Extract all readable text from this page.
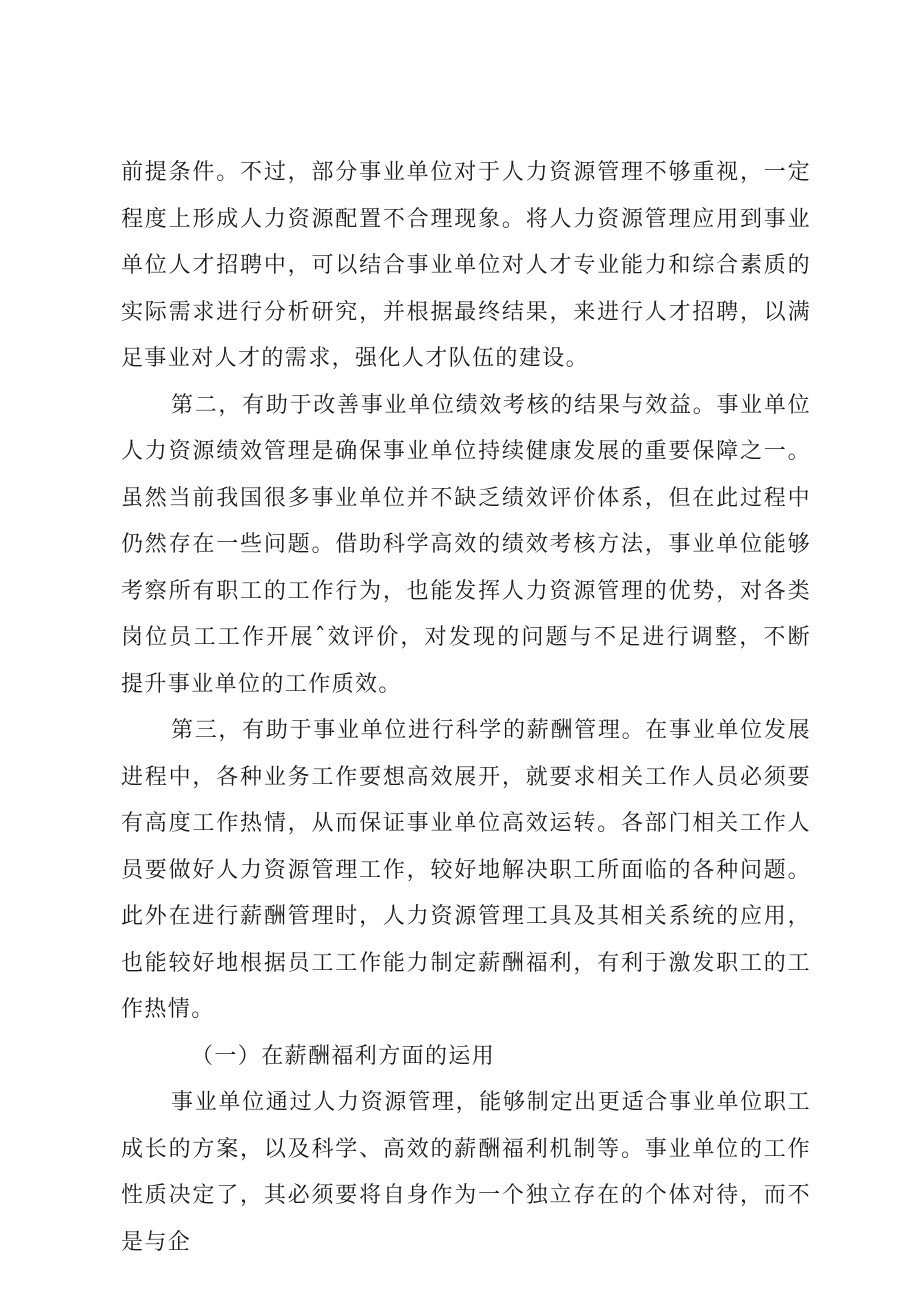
前提条件。不过，部分事业单位对于人力资源管理不够重视，一定程度上形成人力资源配置不合理现象。将人力资源管理应用到事业单位人才招聘中，可以结合事业单位对人才专业能力和综合素质的实际需求进行分析研究，并根据最终结果，来进行人才招聘，以满足事业对人才的需求，强化人才队伍的建设。

第二，有助于改善事业单位绩效考核的结果与效益。事业单位人力资源绩效管理是确保事业单位持续健康发展的重要保障之一。虽然当前我国很多事业单位并不缺乏绩效评价体系，但在此过程中仍然存在一些问题。借助科学高效的绩效考核方法，事业单位能够考察所有职工的工作行为，也能发挥人力资源管理的优势，对各类岗位员工工作开展ˆ效评价，对发现的问题与不足进行调整，不断提升事业单位的工作质效。

第三，有助于事业单位进行科学的薪酬管理。在事业单位发展进程中，各种业务工作要想高效展开，就要求相关工作人员必须要有高度工作热情，从而保证事业单位高效运转。各部门相关工作人员要做好人力资源管理工作，较好地解决职工所面临的各种问题。此外在进行薪酬管理时，人力资源管理工具及其相关系统的应用，也能较好地根据员工工作能力制定薪酬福利，有利于激发职工的工作热情。

（一）在薪酬福利方面的运用

事业单位通过人力资源管理，能够制定出更适合事业单位职工成长的方案，以及科学、高效的薪酬福利机制等。事业单位的工作性质决定了，其必须要将自身作为一个独立存在的个体对待，而不是与企
